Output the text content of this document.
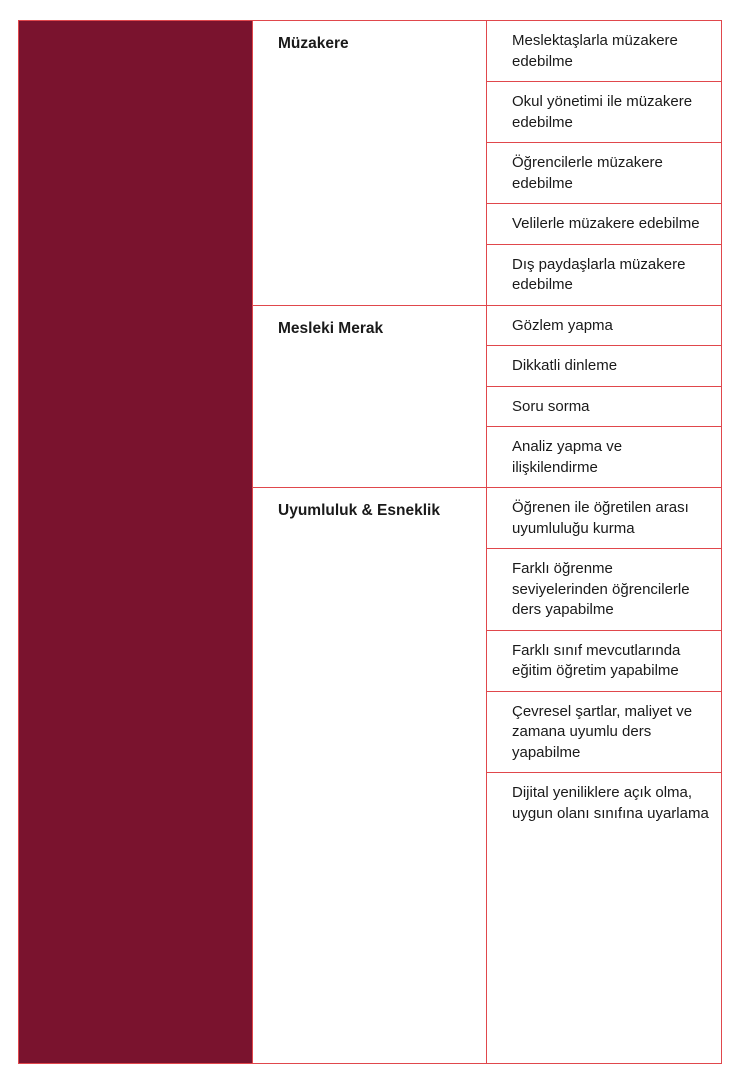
Müzakere	Meslektaşlarla müzakere edebilme
Okul yönetimi ile müzakere edebilme
Öğrencilerle müzakere edebilme
Velilerle müzakere edebilme
Dış paydaşlarla müzakere edebilme
Mesleki Merak	Gözlem yapma
Dikkatli dinleme
Soru sorma
Analiz yapma ve ilişkilendirme
Uyumluluk & Esneklik	Öğrenen ile öğretilen arası uyumluluğu kurma
Farklı öğrenme seviyelerinden öğrencilerle ders yapabilme
Farklı sınıf mevcutlarında eğitim öğretim yapabilme
Çevresel şartlar, maliyet ve zamana uyumlu ders yapabilme
Dijital yeniliklere açık olma, uygun olanı sınıfına uyarlama
